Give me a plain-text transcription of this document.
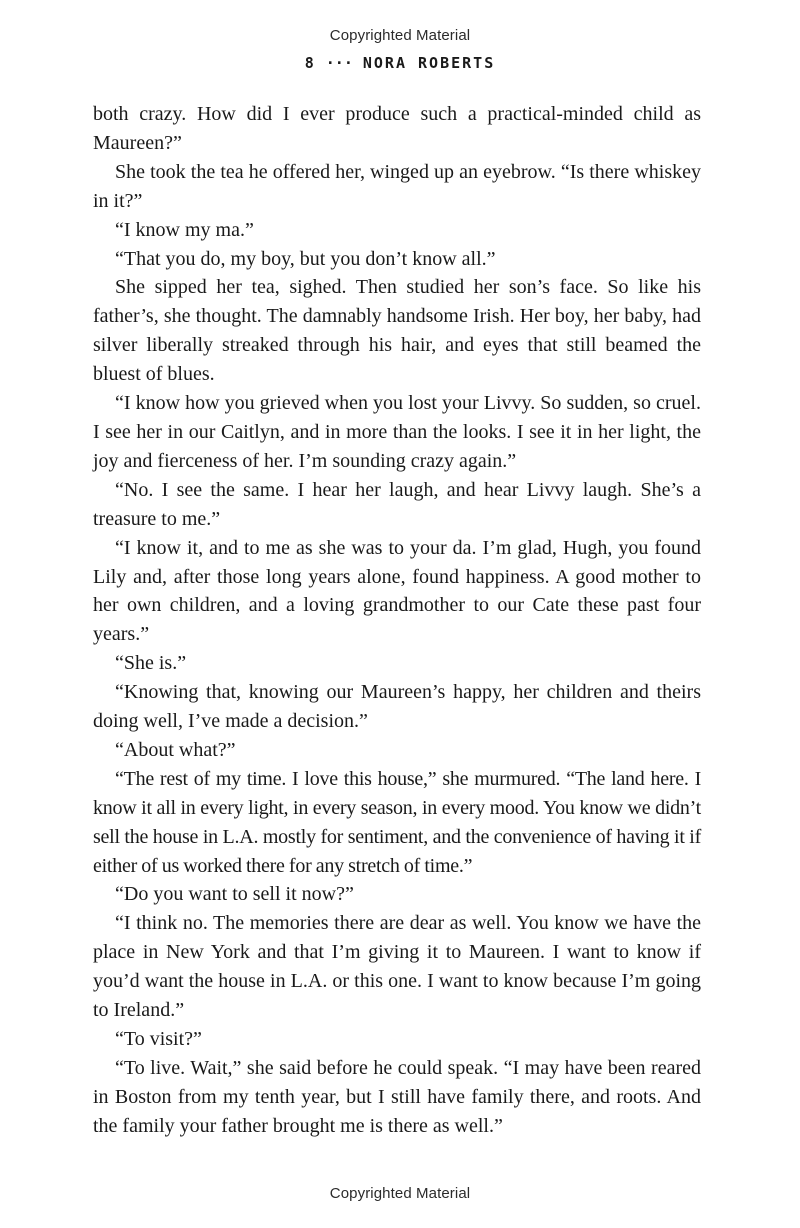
Copyrighted Material
8 ··· NORA ROBERTS

both crazy. How did I ever produce such a practical-minded child as Maureen?”

She took the tea he offered her, winged up an eyebrow. “Is there whiskey in it?”

“I know my ma.”

“That you do, my boy, but you don’t know all.”

She sipped her tea, sighed. Then studied her son’s face. So like his father’s, she thought. The damnably handsome Irish. Her boy, her baby, had silver liberally streaked through his hair, and eyes that still beamed the bluest of blues.

“I know how you grieved when you lost your Livvy. So sudden, so cruel. I see her in our Caitlyn, and in more than the looks. I see it in her light, the joy and fierceness of her. I’m sounding crazy again.”

“No. I see the same. I hear her laugh, and hear Livvy laugh. She’s a treasure to me.”

“I know it, and to me as she was to your da. I’m glad, Hugh, you found Lily and, after those long years alone, found happiness. A good mother to her own children, and a loving grandmother to our Cate these past four years.”

“She is.”

“Knowing that, knowing our Maureen’s happy, her children and theirs doing well, I’ve made a decision.”

“About what?”

“The rest of my time. I love this house,” she murmured. “The land here. I know it all in every light, in every season, in every mood. You know we didn’t sell the house in L.A. mostly for sentiment, and the convenience of having it if either of us worked there for any stretch of time.”

“Do you want to sell it now?”

“I think no. The memories there are dear as well. You know we have the place in New York and that I’m giving it to Maureen. I want to know if you’d want the house in L.A. or this one. I want to know because I’m going to Ireland.”

“To visit?”

“To live. Wait,” she said before he could speak. “I may have been reared in Boston from my tenth year, but I still have family there, and roots. And the family your father brought me is there as well.”

Copyrighted Material
